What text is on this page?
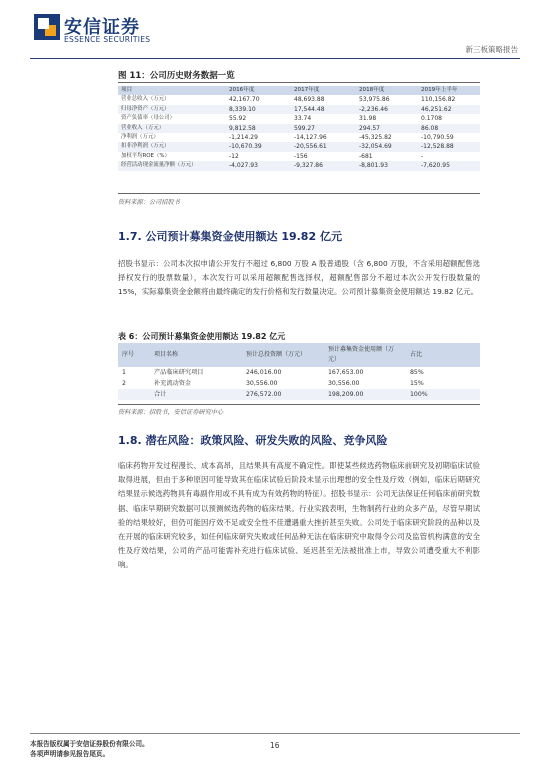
安信证券
ESSENCE SECURITIES
新三板策略报告
图 11：公司历史财务数据一览
项目	2016年度	2017年度	2018年度	2019年上半年
营业总收入（万元）	42,167.70	48,693.88	53,975.86	110,156.82
归母净资产（万元）	8,339.10	17,544.48	-2,236.46	46,251.62
资产负债率（母公司）	55.92	33.74	31.98	0.1708
营业收入（万元）	9,812.58	599.27	294.57	86.08
净利润（万元）	-1,214.29	-14,127.96	-45,325.82	-10,790.59
扣非净利润（万元）	-10,670.39	-20,556.61	-32,054.69	-12,528.88
加权平均ROE（%）	-12	-156	-681	-
经营活动现金流量净额（万元）	-4,027.93	-9,327.86	-8,801.93	-7,620.95
资料来源：公司招股书
1.7. 公司预计募集资金使用额达 19.82 亿元
招股书显示：公司本次拟申请公开发行不超过 6,800 万股 A 股普通股（含 6,800 万股，不含采用超额配售选择权发行的股票数量），本次发行可以采用超额配售选择权，超额配售部分不超过本次公开发行股数量的 15%，实际募集资金金额将由最终确定的发行价格和发行数量决定。公司预计募集资金使用额达 19.82 亿元。
表 6：公司预计募集资金使用额达 19.82 亿元
序号	项目名称	预计总投资额（万元）	预计募集资金使用额（万元）	占比
1	产品临床研究项目	246,016.00	167,653.00	85%
2	补充流动资金	30,556.00	30,556.00	15%
	合计	276,572.00	198,209.00	100%
资料来源：招股书，安信证券研究中心
1.8. 潜在风险：政策风险、研发失败的风险、竞争风险
临床药物开发过程漫长、成本高昂，且结果具有高度不确定性。即使某些候选药物临床前研究及初期临床试验取得进展，但由于多种原因可能导致其在临床试验后阶段未显示出理想的安全性及疗效（例如，临床后期研究结果显示候选药物具有毒副作用或不具有成为有效药物的特征）。招股书显示：公司无法保证任何临床前研究数据、临床早期研究数据可以预测候选药物的临床结果。行业实践表明，生物制药行业的众多产品，尽管早期试验的结果较好，但仍可能因疗效不足或安全性不佳遭遇重大挫折甚至失败。公司处于临床研究阶段的品种以及在开展的临床研究较多，如任何临床研究失败或任何品种无法在临床研究中取得令公司及监管机构满意的安全性及疗效结果，公司的产品可能需补充进行临床试验、延迟甚至无法被批准上市，导致公司遭受重大不利影响。
本报告版权属于安信证券股份有限公司。
各项声明请参见报告尾页。
16
